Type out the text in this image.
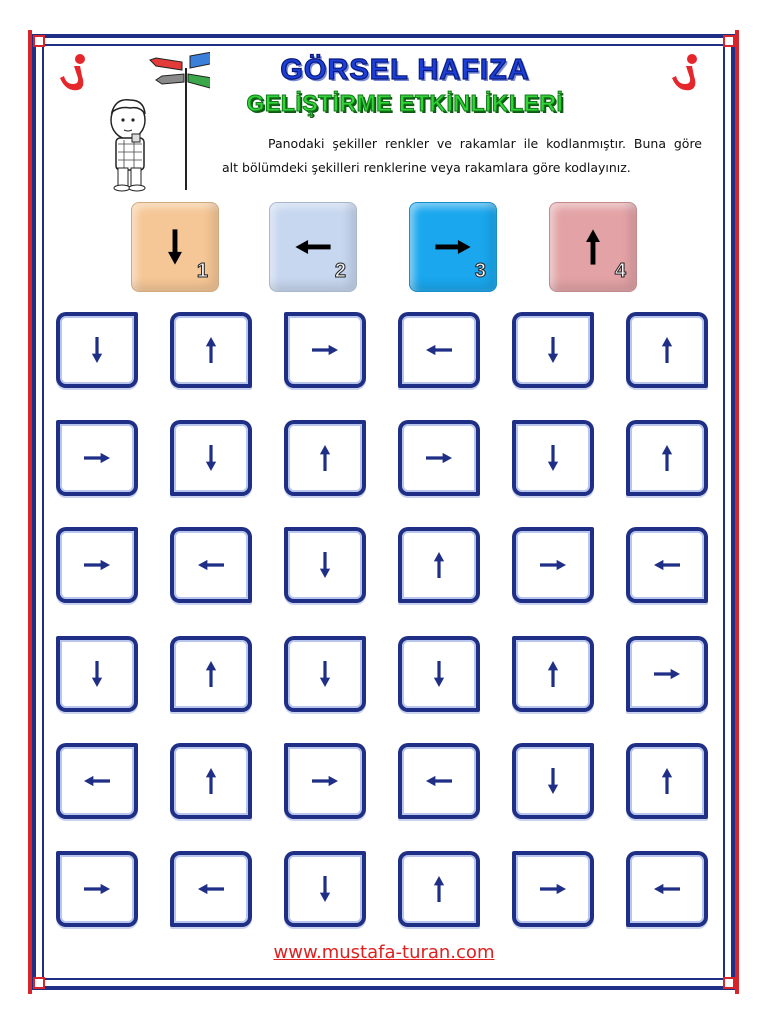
GÖRSEL HAFIZA
GELİŞTİRME ETKİNLİKLERİ
Panodaki şekiller renkler ve rakamlar ile kodlanmıştır. Buna göre
alt bölümdeki şekilleri renklerine veya rakamlara göre kodlayınız.
1	2	3	4
www.mustafa-turan.com
